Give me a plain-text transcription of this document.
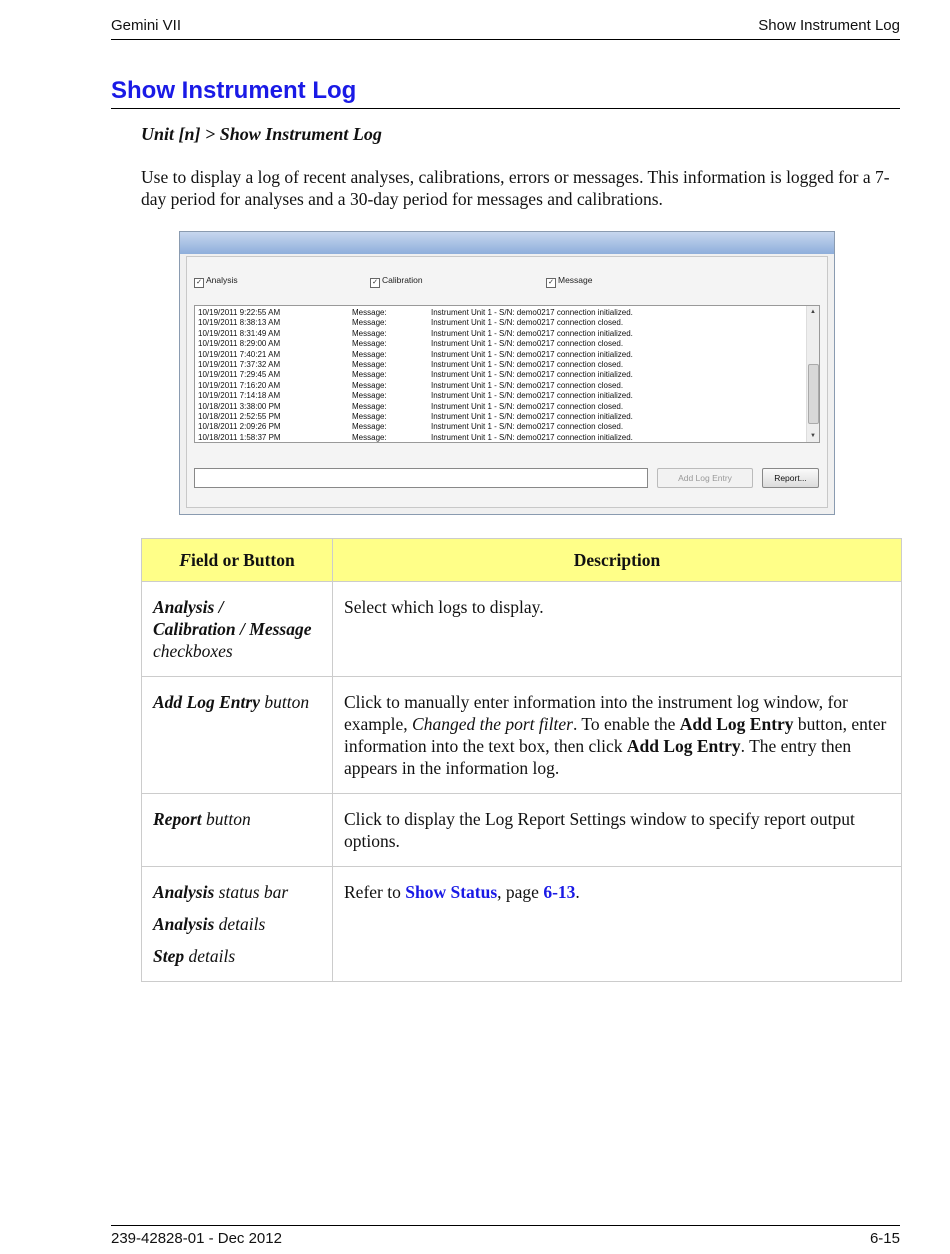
Gemini VII	Show Instrument Log
Show Instrument Log
Unit [n] > Show Instrument Log
Use to display a log of recent analyses, calibrations, errors or messages. This information is logged for a 7-day period for analyses and a 30-day period for messages and calibrations.
✓ Analysis	✓ Calibration	✓ Message
10/19/2011 9:22:55 AM	Message:	Instrument Unit 1 - S/N: demo0217 connection initialized.
10/19/2011 8:38:13 AM	Message:	Instrument Unit 1 - S/N: demo0217 connection closed.
10/19/2011 8:31:49 AM	Message:	Instrument Unit 1 - S/N: demo0217 connection initialized.
10/19/2011 8:29:00 AM	Message:	Instrument Unit 1 - S/N: demo0217 connection closed.
10/19/2011 7:40:21 AM	Message:	Instrument Unit 1 - S/N: demo0217 connection initialized.
10/19/2011 7:37:32 AM	Message:	Instrument Unit 1 - S/N: demo0217 connection closed.
10/19/2011 7:29:45 AM	Message:	Instrument Unit 1 - S/N: demo0217 connection initialized.
10/19/2011 7:16:20 AM	Message:	Instrument Unit 1 - S/N: demo0217 connection closed.
10/19/2011 7:14:18 AM	Message:	Instrument Unit 1 - S/N: demo0217 connection initialized.
10/18/2011 3:38:00 PM	Message:	Instrument Unit 1 - S/N: demo0217 connection closed.
10/18/2011 2:52:55 PM	Message:	Instrument Unit 1 - S/N: demo0217 connection initialized.
10/18/2011 2:09:26 PM	Message:	Instrument Unit 1 - S/N: demo0217 connection closed.
10/18/2011 1:58:37 PM	Message:	Instrument Unit 1 - S/N: demo0217 connection initialized.
▲
▼
Add Log Entry	Report...
Field or Button	Description
Analysis /
Calibration / Message
checkboxes	Select which logs to display.
Add Log Entry button	Click to manually enter information into the instrument log window, for example, Changed the port filter. To enable the Add Log Entry button, enter information into the text box, then click Add Log Entry. The entry then appears in the information log.
Report button	Click to display the Log Report Settings window to specify report output options.

Analysis status bar

Analysis details

Step details	Refer to Show Status, page 6-13.
239-42828-01 - Dec 2012	6-15
